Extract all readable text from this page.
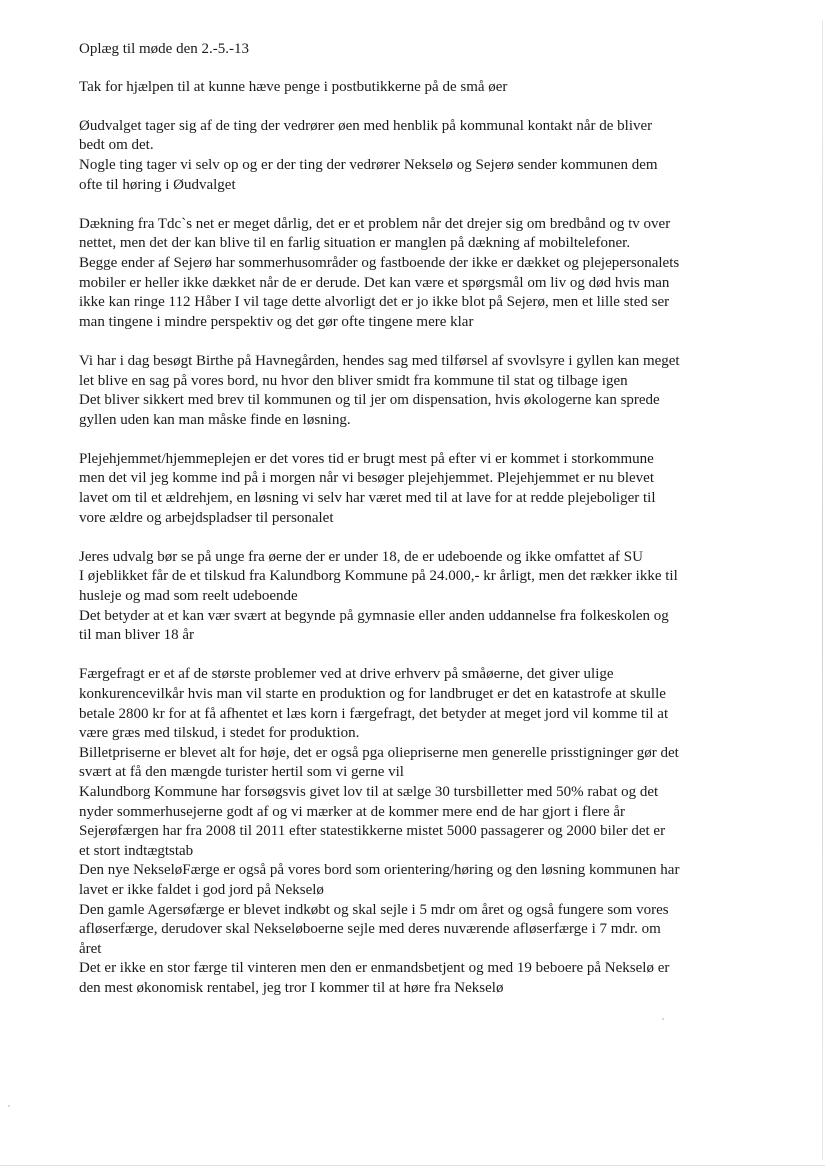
Oplæg til møde den 2.-5.-13
Tak for hjælpen til at kunne hæve penge i postbutikkerne på de små øer
Øudvalget tager sig af de ting der vedrører øen med henblik på kommunal kontakt når de bliver
bedt om det.
Nogle ting tager vi selv op og er der ting der vedrører Nekselø og Sejerø sender kommunen dem
ofte til høring i Øudvalget
Dækning fra Tdc`s net er meget dårlig, det er et problem når det drejer sig om bredbånd og tv over
nettet, men det der kan blive til en farlig situation er manglen på dækning af mobiltelefoner.
Begge ender af Sejerø har sommerhusområder og fastboende der ikke er dækket og plejepersonalets
mobiler er heller ikke dækket når de er derude. Det kan være et spørgsmål om liv og død hvis man
ikke kan ringe 112 Håber I vil tage dette alvorligt det er jo ikke blot på Sejerø, men et lille sted ser
man tingene i mindre perspektiv og det gør ofte tingene mere klar
Vi har i dag besøgt Birthe på Havnegården, hendes sag med tilførsel af svovlsyre i gyllen kan meget
let blive en sag på vores bord, nu hvor den bliver smidt fra kommune til stat og tilbage igen
Det bliver sikkert med brev til kommunen og til jer om dispensation, hvis økologerne kan sprede
gyllen uden kan man måske finde en løsning.
Plejehjemmet/hjemmeplejen er det vores tid er brugt mest på efter vi er kommet i storkommune
men det vil jeg komme ind på i morgen når vi besøger plejehjemmet. Plejehjemmet er nu blevet
lavet om til et ældrehjem, en løsning vi selv har været med til at lave for at redde plejeboliger til
vore ældre og arbejdspladser til personalet
Jeres udvalg bør se på unge fra øerne der er under 18, de er udeboende og ikke omfattet af SU
I øjeblikket får de et tilskud fra Kalundborg Kommune på 24.000,- kr årligt, men det rækker ikke til
husleje og mad som reelt udeboende
Det betyder at et kan vær svært at begynde på gymnasie eller anden uddannelse fra folkeskolen og
til man bliver 18 år
Færgefragt er et af de største problemer ved at drive erhverv på småøerne, det giver ulige
konkurencevilkår hvis man vil starte en produktion og for landbruget er det en katastrofe at skulle
betale 2800 kr for at få afhentet et læs korn i færgefragt, det betyder at meget jord vil komme til at
være græs med tilskud, i stedet for produktion.
Billetpriserne er blevet alt for høje, det er også pga oliepriserne men generelle prisstigninger gør det
svært at få den mængde turister hertil som vi gerne vil
Kalundborg Kommune har forsøgsvis givet lov til at sælge 30 tursbilletter med 50% rabat og det
nyder sommerhusejerne godt af og vi mærker at de kommer mere end de har gjort i flere år
Sejerøfærgen har fra 2008 til 2011 efter statestikkerne mistet 5000 passagerer og 2000 biler det er
et stort indtægtstab
Den nye NekseløFærge er også på vores bord som orientering/høring og den løsning kommunen har
lavet er ikke faldet i god jord på Nekselø
Den gamle Agersøfærge er blevet indkøbt og skal sejle i 5 mdr om året og også fungere som vores
afløserfærge, derudover skal Nekseløboerne sejle med deres nuværende afløserfærge i 7 mdr. om
året
Det er ikke en stor færge til vinteren men den er enmandsbetjent og med 19 beboere på Nekselø er
den mest økonomisk rentabel, jeg tror I kommer til at høre fra Nekselø
